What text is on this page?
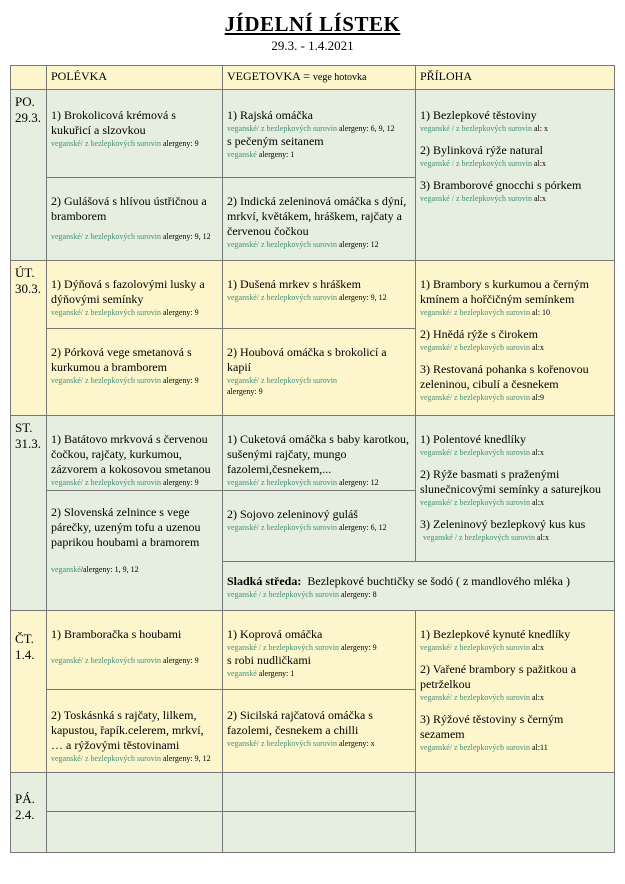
JÍDELNÍ LÍSTEK
29.3. - 1.4.2021
POLÉVKA	VEGETOVKA = vege hotovka	PŘÍLOHA
PO.
29.3. 1) Brokolicová krémová s kukuřicí a slzovkou
veganské/ z bezlepkových surovin alergeny: 9
2) Gulášová s hlívou ústřičnou a bramborem
veganské/ z bezlepkových surovin alergeny: 9, 12
1) Rajská omáčka
veganské/ z bezlepkových surovin alergeny: 6, 9, 12
s pečeným seitanem
veganské alergeny: 1
2) Indická zeleninová omáčka s dýní, mrkví, květákem, hráškem, rajčaty a červenou čočkou
veganské/ z bezlepkových surovin alergeny: 12
1) Bezlepkové těstoviny
veganské / z bezlepkových surovin al: x
2) Bylinková rýže natural
veganské / z bezlepkových surovin al:x
3) Bramborové gnocchi s pórkem
veganské / z bezlepkových surovin al:x
ÚT.
30.3. 1) Dýňová s fazolovými lusky a dýňovými semínky
veganské/ z bezlepkových surovin alergeny: 9
2) Pórková vege smetanová s kurkumou a bramborem
veganské/ z bezlepkových surovin alergeny: 9
1) Dušená mrkev s hráškem
veganské/ z bezlepkových surovin alergeny: 9, 12
2) Houbová omáčka s brokolicí a kapií
veganské/ z bezlepkových surovin
alergeny: 9
1) Brambory s kurkumou a černým kmínem a hořčičným semínkem
veganské/ z bezlepkových surovin al: 10
2) Hnědá rýže s čirokem
veganské/ z bezlepkových surovin al:x
3) Restovaná pohanka s kořenovou zeleninou, cibulí a česnekem
veganské/ z bezlepkových surovin al:9
ST.
31.3. 1) Batátovo mrkvová s červenou čočkou, rajčaty, kurkumou, zázvorem a kokosovou smetanou
veganské/ z bezlepkových surovin alergeny: 9
2) Slovenská zelnince s vege párečky, uzeným tofu a uzenou paprikou houbami a bramorem
veganské/alergeny: 1, 9, 12
1) Cuketová omáčka s baby karotkou, sušenými rajčaty, mungo fazolemi,česnekem,...
veganské/ z bezlepkových surovin alergeny: 12
2) Sojovo zeleninový guláš
veganské/ z bezlepkových surovin alergeny: 6, 12
1) Polentové knedlíky
veganské/ z bezlepkových surovin al:x
2) Rýže basmati s praženými slunečnicovými semínky a saturejkou
veganské/ z bezlepkových surovin al:x
3) Zeleninový bezlepkový kus kus
veganské / z bezlepkových surovin al:x
Sladká středa: Bezlepkové buchtičky se šodó ( z mandlového mléka )
veganské / z bezlepkových surovin alergeny: 8
ČT.
1.4.
1) Bramboračka s houbami
veganské/ z bezlepkových surovin alergeny: 9
2) Toskásnká s rajčaty, lilkem, kapustou, řapík.celerem, mrkví, … a rýžovými těstovinami
veganské/ z bezlepkových surovin alergeny: 9, 12
1) Koprová omáčka
veganské / z bezlepkových surovin alergeny: 9
s robi nudličkami
veganské alergeny: 1
2) Sicilská rajčatová omáčka s fazolemi, česnekem a chilli
veganské/ z bezlepkových surovin alergeny: x
1) Bezlepkové kynuté knedlíky
veganské/ z bezlepkových surovin al:x
2) Vařené brambory s pažitkou a petrželkou
veganské/ z bezlepkových surovin al:x
3) Rýžové těstoviny s černým sezamem
veganské/ z bezlepkových surovin al:11
PÁ.
2.4.
